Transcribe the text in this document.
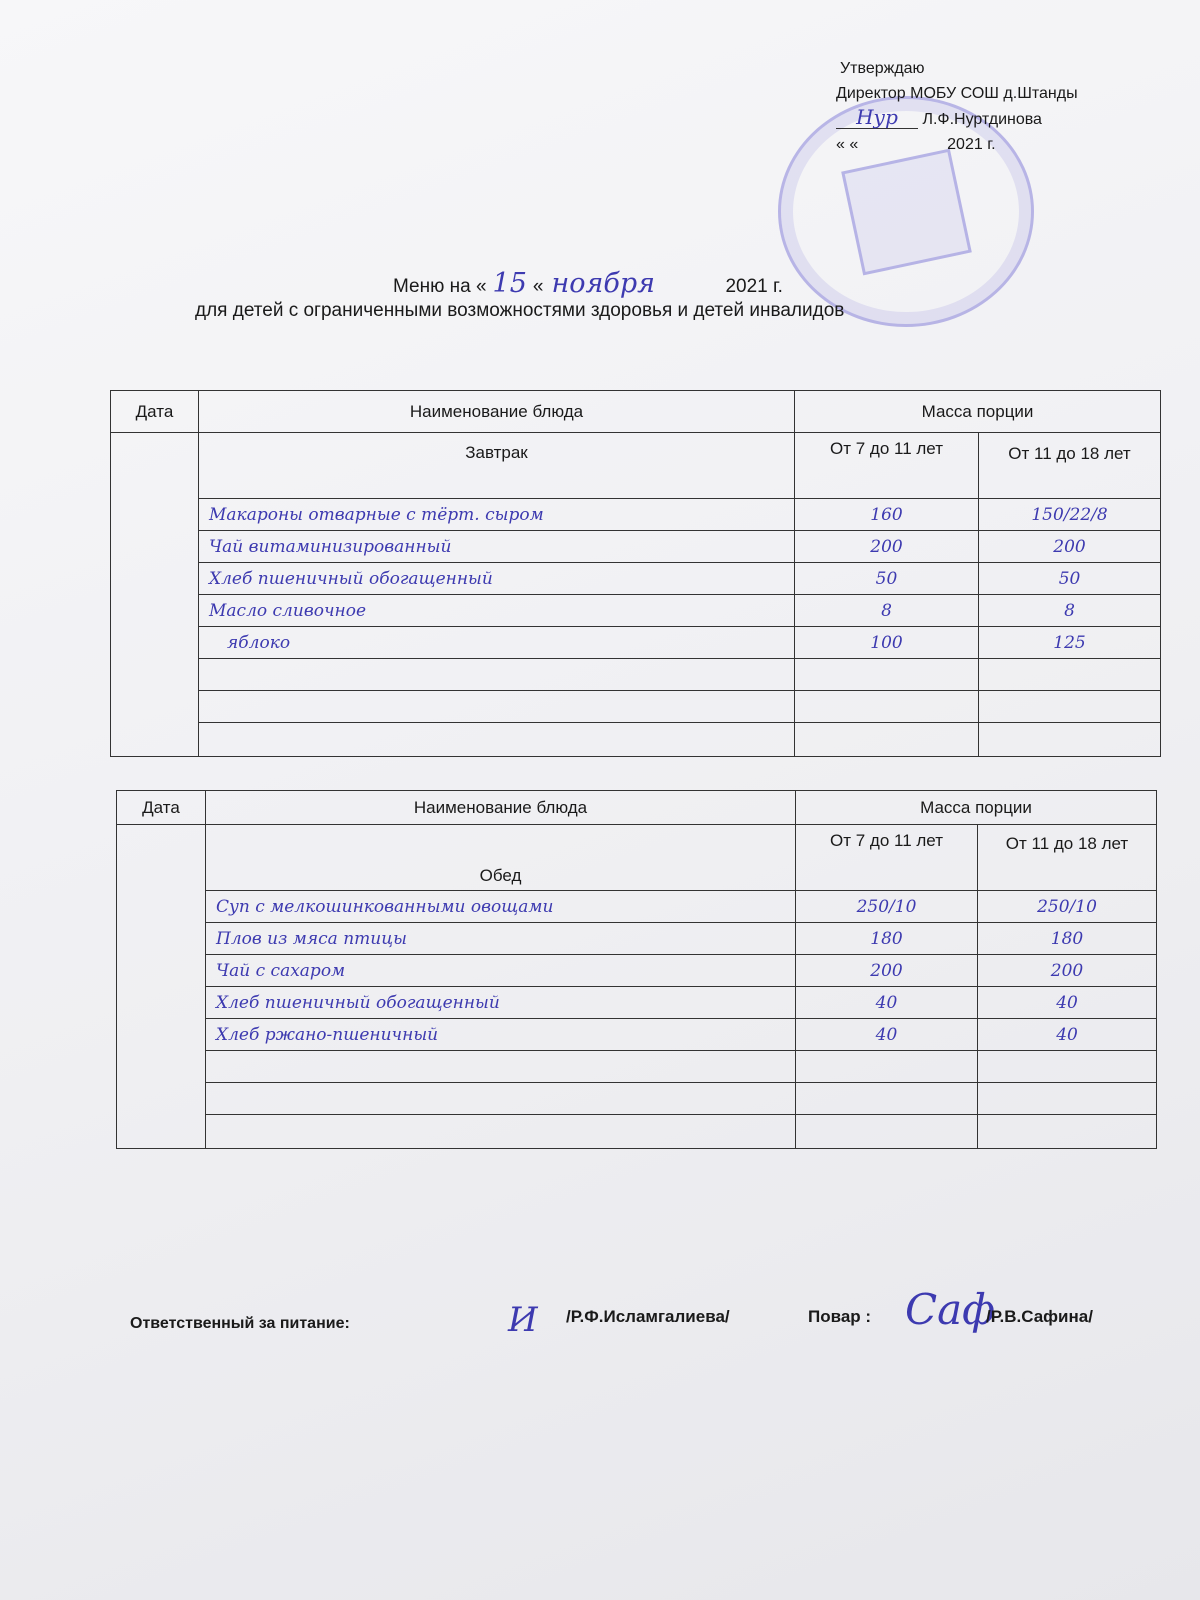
Утверждаю
Директор МОБУ СОШ д.Штанды
Нур Л.Ф.Нуртдинова
« «	2021 г.
Меню на « 15 « ноября	2021 г.
для детей с ограниченными возможностями здоровья и детей инвалидов
Дата	Наименование блюда	Масса порции	
	Завтрак	От 7 до 11 лет	От 11 до 18 лет
	Макароны отварные с тёрт. сыром	160	150/22/8
	Чай витаминизированный	200	200
	Хлеб пшеничный обогащенный	50	50
	Масло сливочное	8	8
	яблоко	100	125

Дата	Наименование блюда	Масса порции	
	Обед	От 7 до 11 лет	От 11 до 18 лет
	Суп с мелкошинкованными овощами	250/10	250/10
	Плов из мяса птицы	180	180
	Чай с сахаром	200	200
	Хлеб пшеничный обогащенный	40	40
	Хлеб ржано-пшеничный	40	40

Ответственный за питание:	И /Р.Ф.Исламгалиева/	Повар : Саф
/Р.В.Сафина/
